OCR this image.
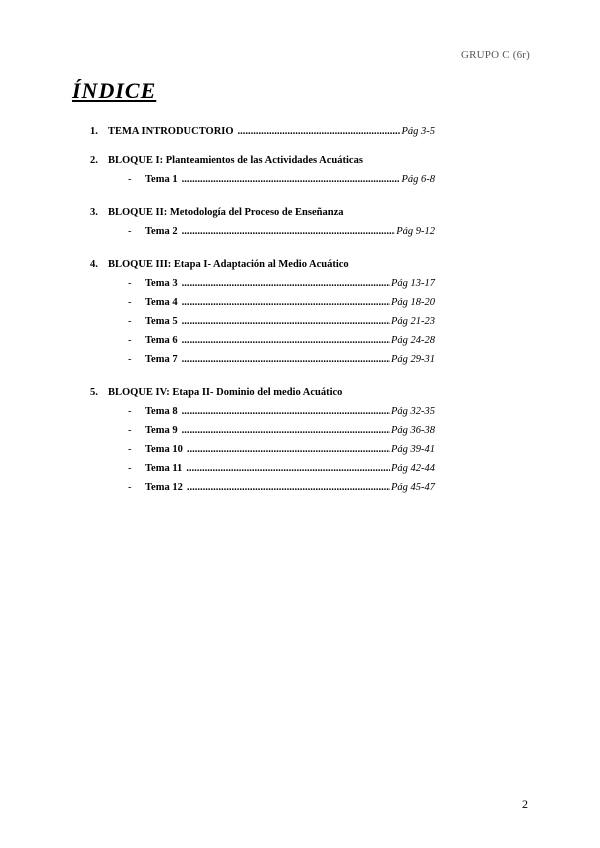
GRUPO C (6r)
ÍNDICE
1. TEMA INTRODUCTORIO .....	Pág 3-5
2. BLOQUE I: Planteamientos de las Actividades Acuáticas
-	Tema 1 .....	Pág 6-8
3. BLOQUE II: Metodología del Proceso de Enseñanza
-	Tema 2 .....	Pág 9-12
4. BLOQUE III: Etapa I- Adaptación al Medio Acuático
-	Tema 3 .....	Pág 13-17
-	Tema 4 .....	Pág 18-20
-	Tema 5 .....	Pág 21-23
-	Tema 6 .....	Pág 24-28
-	Tema 7 .....	Pág 29-31
5. BLOQUE IV: Etapa II- Dominio del medio Acuático
-	Tema 8 .....	Pág 32-35
-	Tema 9 .....	Pág 36-38
-	Tema 10 .....	Pág 39-41
-	Tema 11 .....	Pág 42-44
-	Tema 12 .....	Pág 45-47
2
